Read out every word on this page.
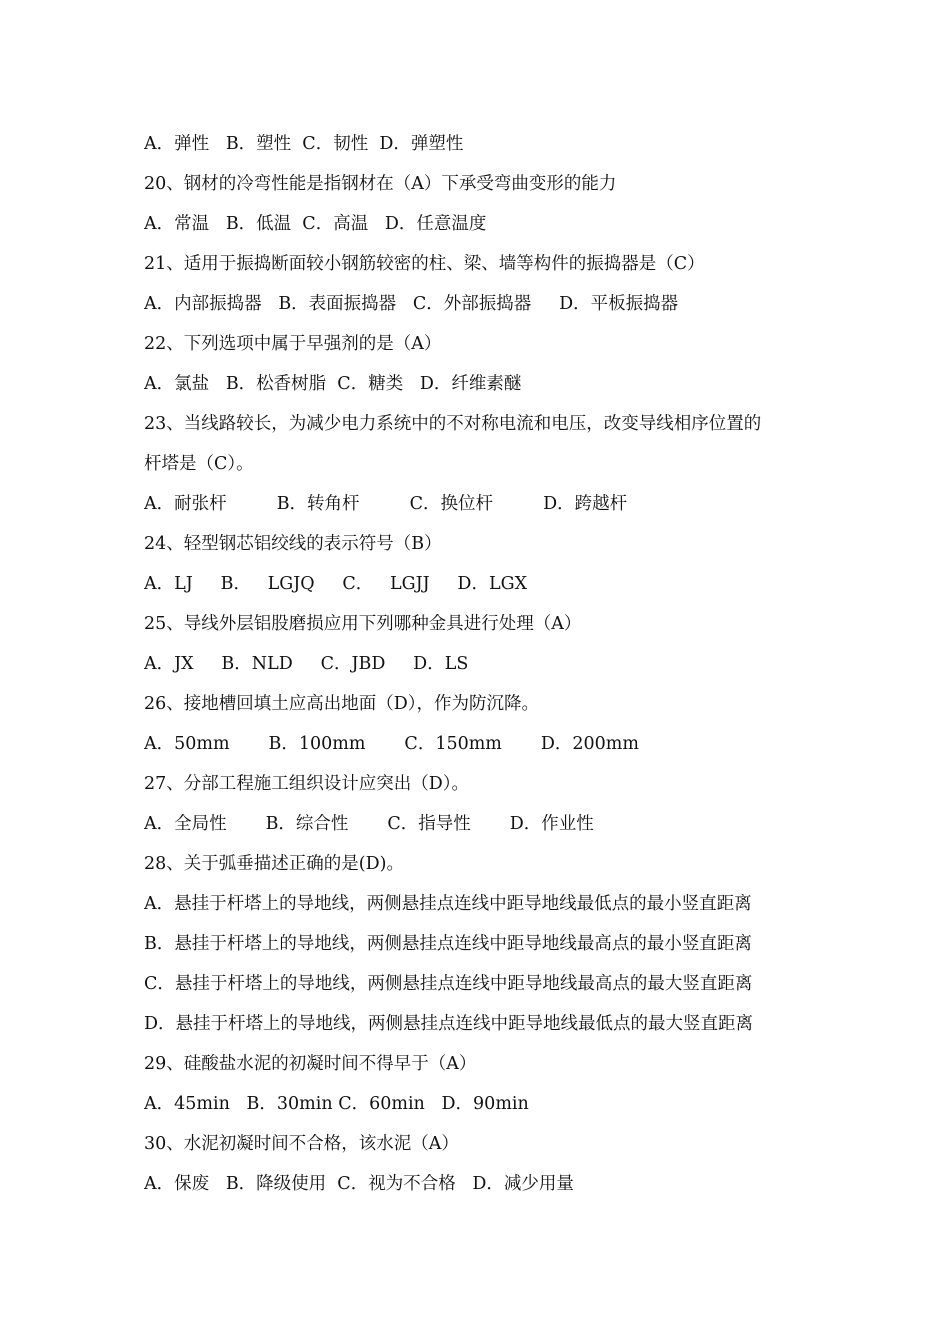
A．弹性   B．塑性  C．韧性  D．弹塑性
20、钢材的冷弯性能是指钢材在（A）下承受弯曲变形的能力
A．常温   B．低温  C．高温   D．任意温度
21、适用于振捣断面较小钢筋较密的柱、梁、墙等构件的振捣器是（C）
A．内部振捣器   B．表面振捣器   C．外部振捣器     D．平板振捣器
22、下列选项中属于早强剂的是（A）
A．氯盐   B．松香树脂  C．糖类   D．纤维素醚
23、当线路较长，为减少电力系统中的不对称电流和电压，改变导线相序位置的
杆塔是（C）。
A．耐张杆         B．转角杆         C．换位杆         D．跨越杆
24、轻型钢芯铝绞线的表示符号（B）
A．LJ     B．   LGJQ     C．   LGJJ     D．LGX
25、导线外层铝股磨损应用下列哪种金具进行处理（A）
A．JX     B．NLD     C．JBD     D．LS
26、接地槽回填土应高出地面（D），作为防沉降。
A．50mm       B．100mm       C．150mm       D．200mm
27、分部工程施工组织设计应突出（D）。
A．全局性       B．综合性       C．指导性       D．作业性
28、关于弧垂描述正确的是(D)。
A．悬挂于杆塔上的导地线，两侧悬挂点连线中距导地线最低点的最小竖直距离
B．悬挂于杆塔上的导地线，两侧悬挂点连线中距导地线最高点的最小竖直距离
C．悬挂于杆塔上的导地线，两侧悬挂点连线中距导地线最高点的最大竖直距离
D．悬挂于杆塔上的导地线，两侧悬挂点连线中距导地线最低点的最大竖直距离
29、硅酸盐水泥的初凝时间不得早于（A）
A．45min   B．30min C．60min   D．90min
30、水泥初凝时间不合格，该水泥（A）
A．保废   B．降级使用  C．视为不合格   D．减少用量
